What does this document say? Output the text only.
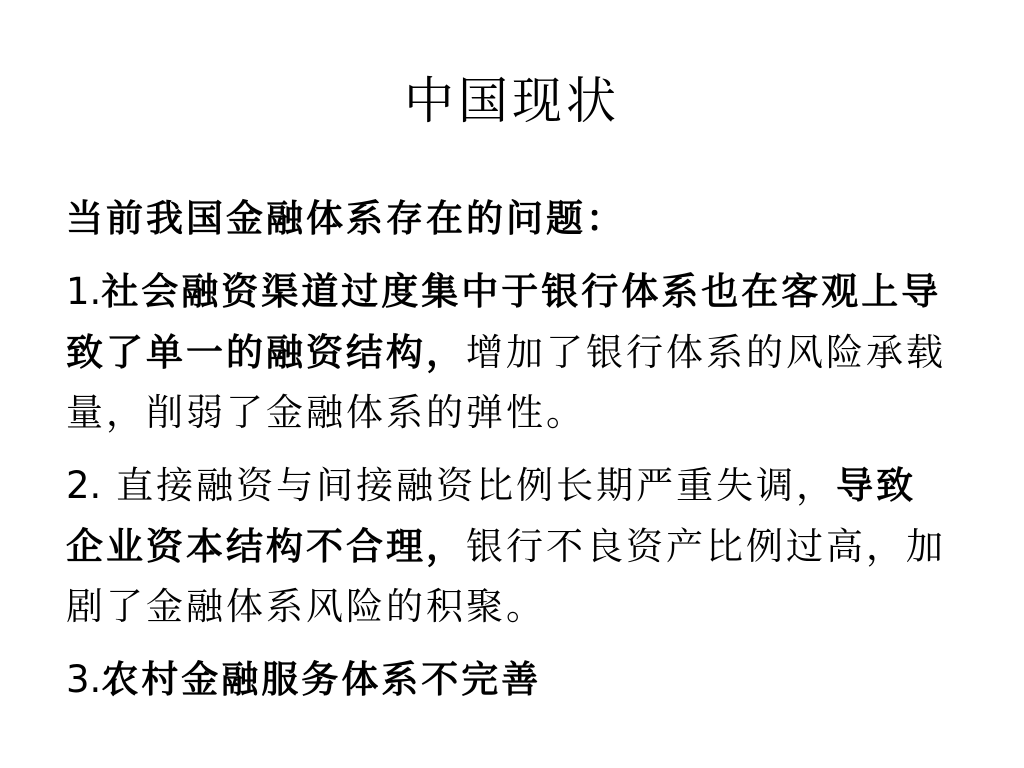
中国现状

当前我国金融体系存在的问题：

1.社会融资渠道过度集中于银行体系也在客观上导致了单一的融资结构，增加了银行体系的风险承载量，削弱了金融体系的弹性。

2. 直接融资与间接融资比例长期严重失调，导致企业资本结构不合理，银行不良资产比例过高，加剧了金融体系风险的积聚。

3.农村金融服务体系不完善
